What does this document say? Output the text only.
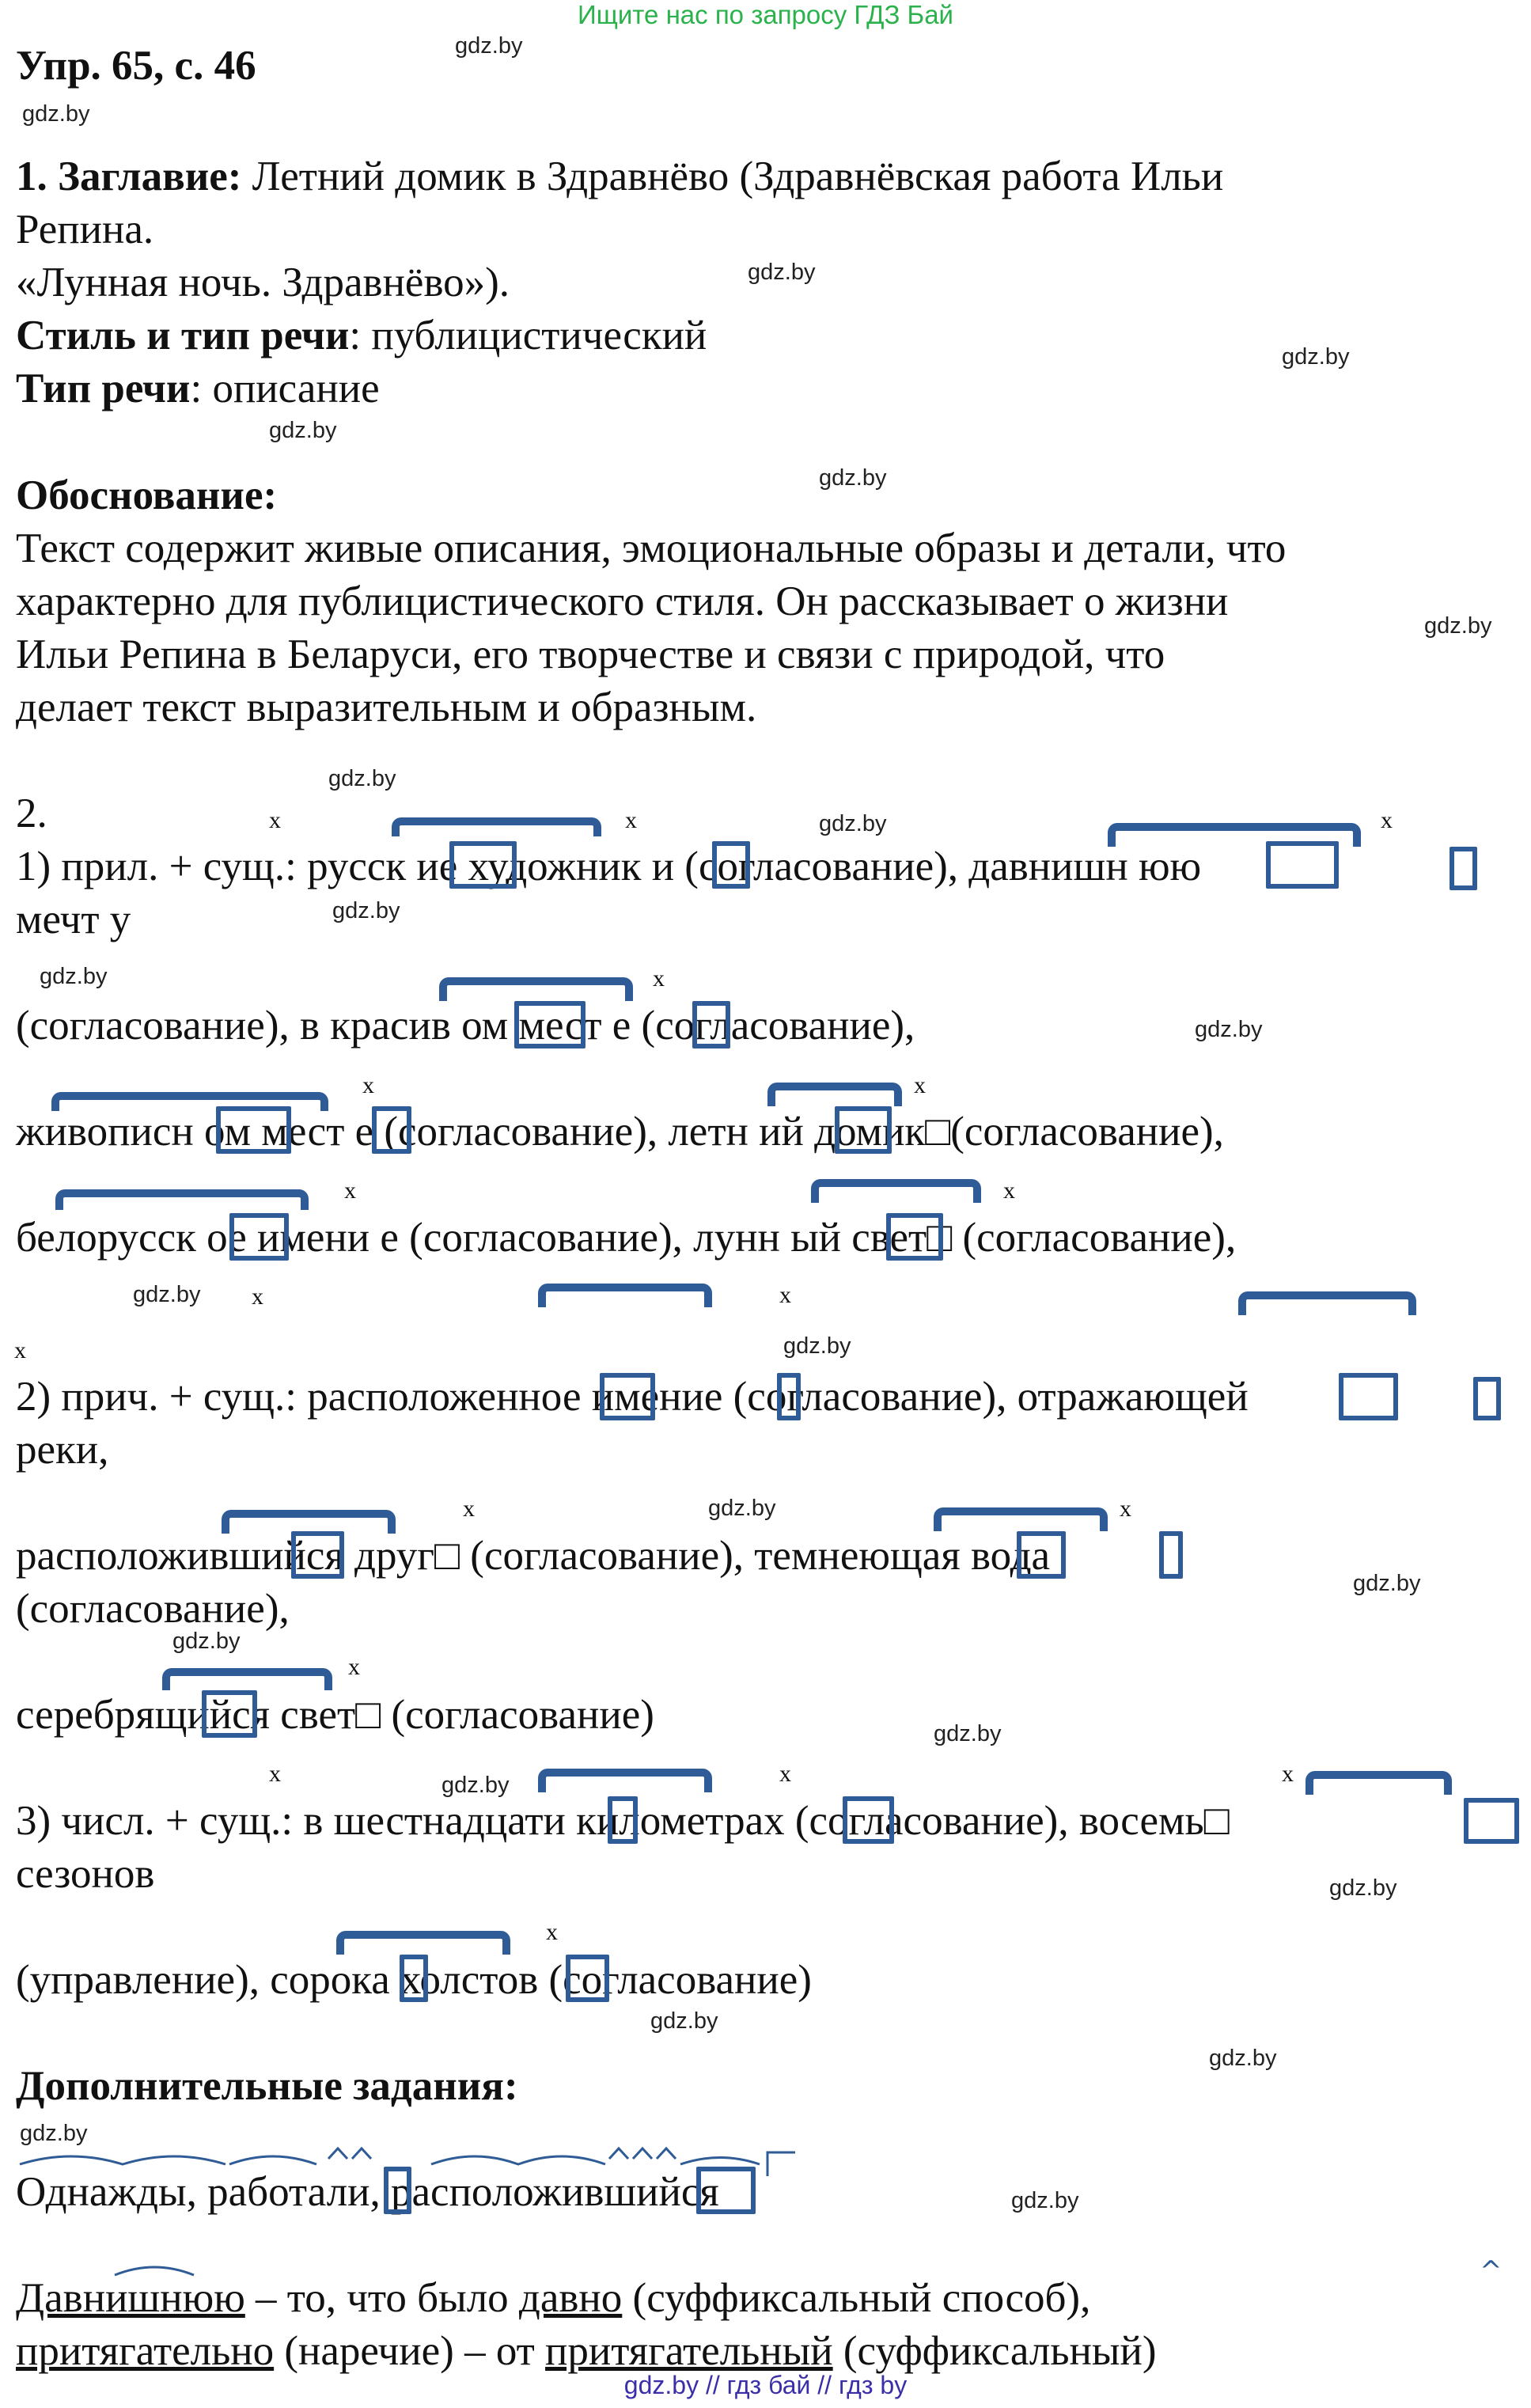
Ищите нас по запросу ГДЗ Бай
Упр. 65, с. 46
1. Заглавие: Летний домик в Здравнёво (Здравнёвская работа Ильи
Репина.
«Лунная ночь. Здравнёво»).
Стиль и тип речи: публицистический
Тип речи: описание
Обоснование:
Текст содержит живые описания, эмоциональные образы и детали, что
характерно для публицистического стиля. Он рассказывает о жизни
Ильи Репина в Беларуси, его творчестве и связи с природой, что
делает текст выразительным и образным.
2.
1) прил. + сущ.: русск ие художник и (согласование), давнишн юю
мечт у
(согласование), в красив ом мест е (согласование),
живописн ом мест е (согласование), летн ий домик□(согласование),
белорусск ое имени е (согласование), лунн ый свет□ (согласование),
2) прич. + сущ.: расположенное имение (согласование), отражающей
реки,
расположившийся друг□ (согласование), темнеющая вода
(согласование),
серебрящийся свет□ (согласование)
3) числ. + сущ.: в шестнадцати километрах (согласование), восемь□
сезонов
(управление), сорока холстов (согласование)
Дополнительные задания:
Однажды, работали, расположившийся
Давнишнюю – то, что было давно (суффиксальный способ),
притягательно (наречие) – от притягательный (суффиксальный)
x	x	x
x
x	x
x	x
x	x
x
x	x
x
x	x	x
x
^
gdz.by
gdz.by
gdz.by
gdz.by
gdz.by
gdz.by
gdz.by
gdz.by
gdz.by
gdz.by
gdz.by
gdz.by
gdz.by
gdz.by
gdz.by
gdz.by
gdz.by
gdz.by
gdz.by
gdz.by
gdz.by
gdz.by
gdz.by
gdz.by
gdz.by // гдз бай // гдз by
